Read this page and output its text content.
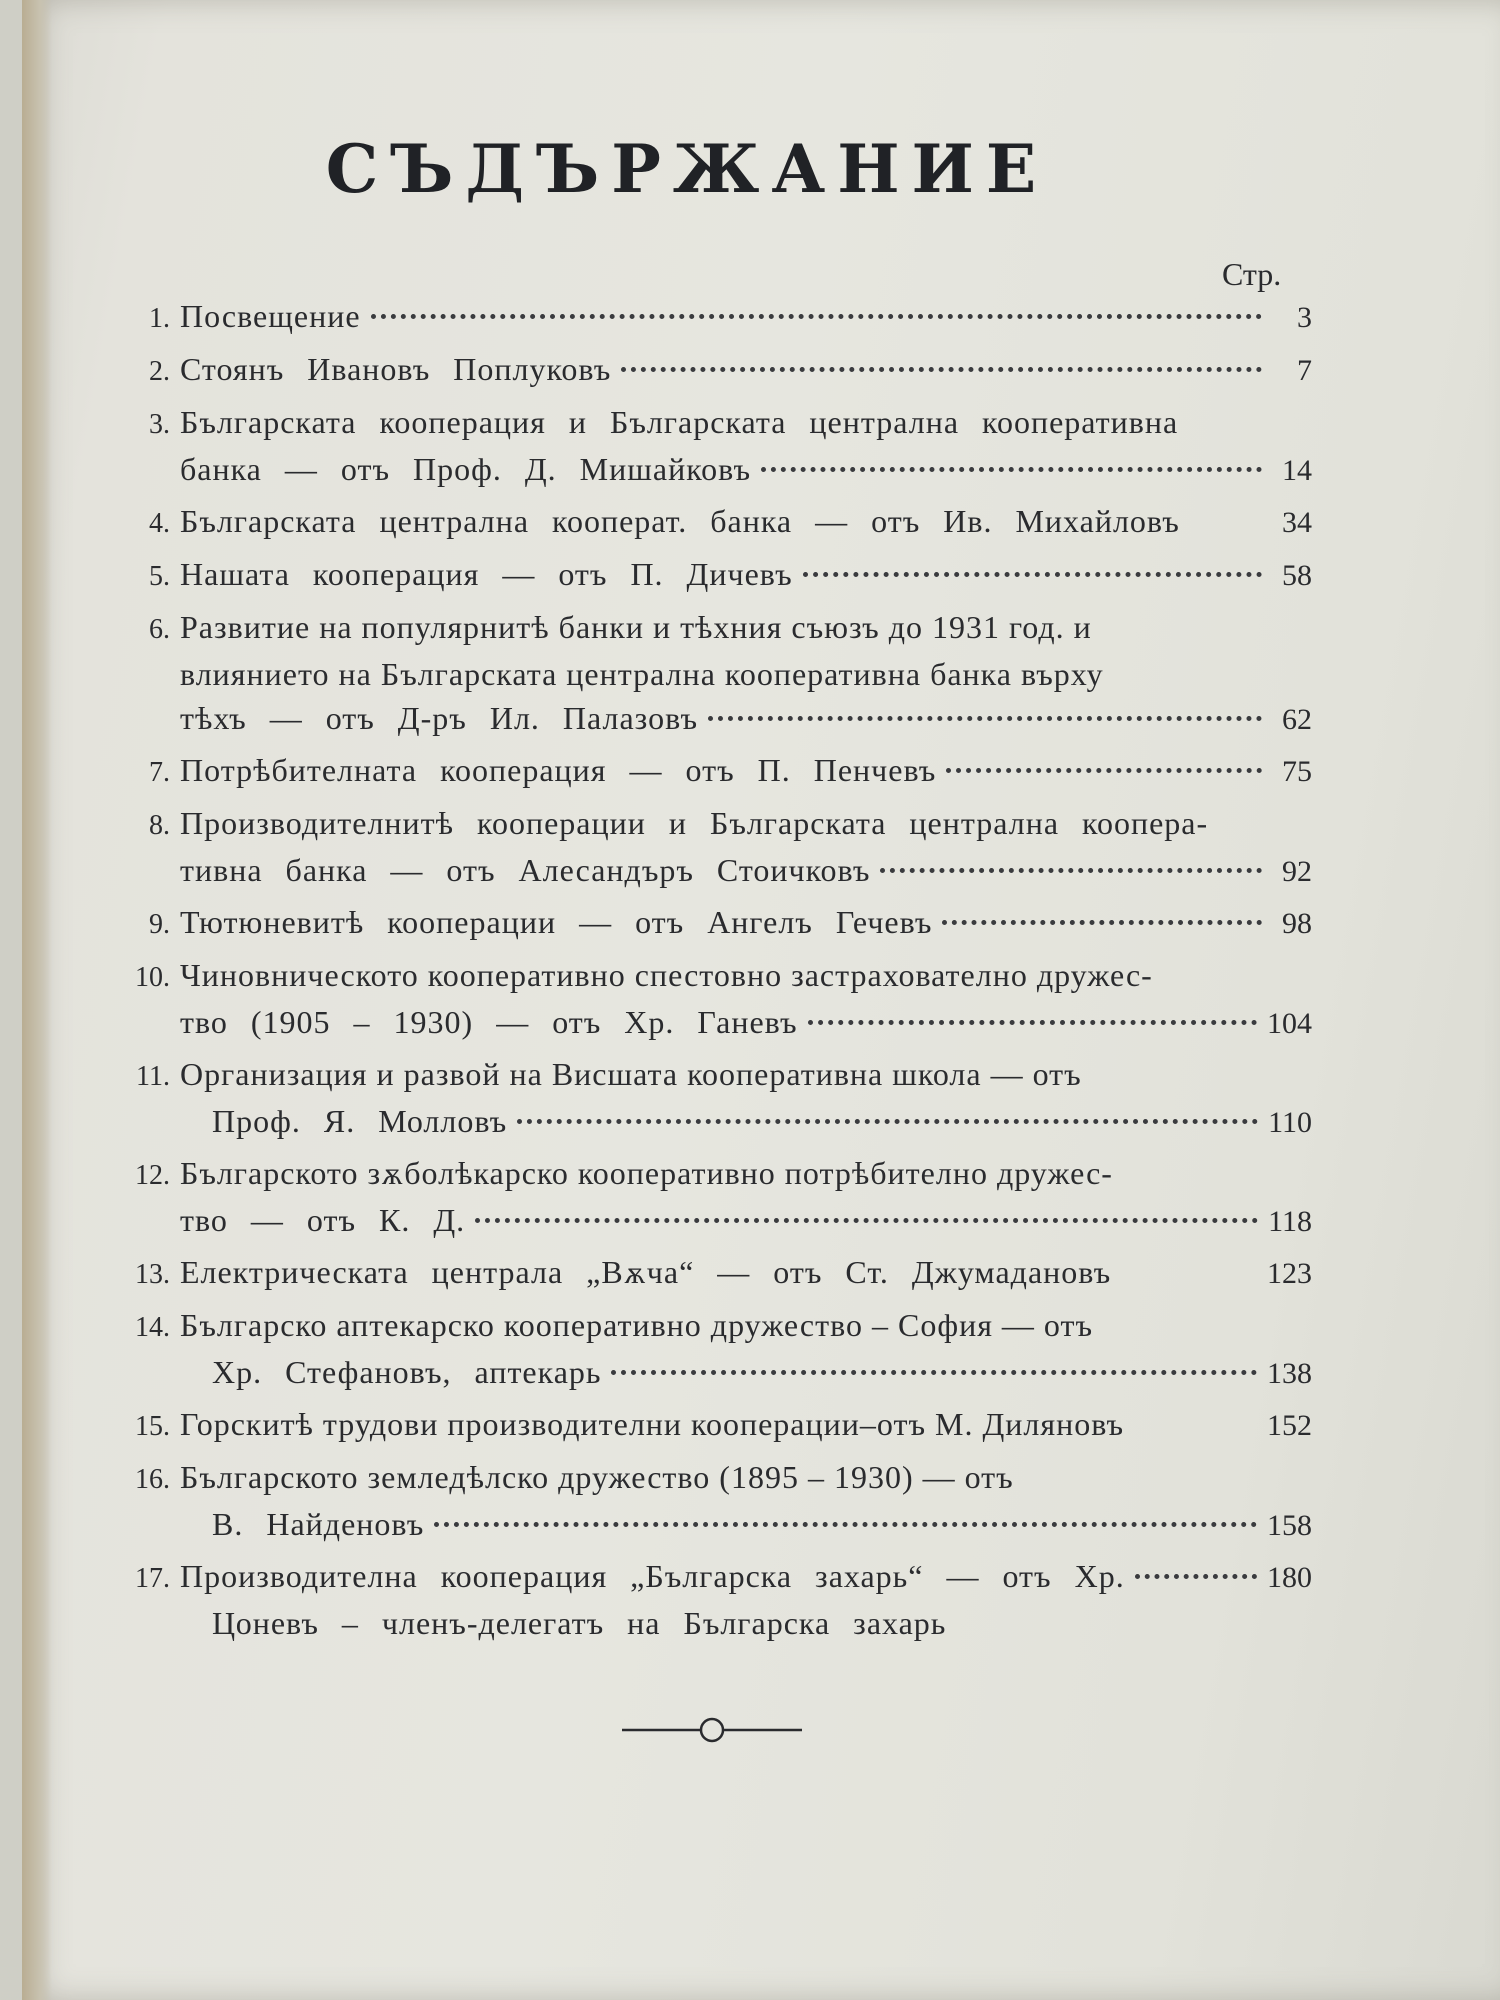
СЪДЪРЖАНИЕ
Стр.
1. Посвещение	3
2. Стоянъ Ивановъ Поплуковъ	7
3. Българската кооперация и Българската централна кооперативна
банка — отъ Проф. Д. Мишайковъ	14
4. Българската централна кооперат. банка — отъ Ив. Михайловъ	34
5. Нашата кооперация — отъ П. Дичевъ	58
6. Развитие на популярнитѣ банки и тѣхния съюзъ до 1931 год. и
влиянието на Българската централна кооперативна банка върху
тѣхъ — отъ Д-ръ Ил. Палазовъ	62
7. Потрѣбителната кооперация — отъ П. Пенчевъ	75
8. Производителнитѣ кооперации и Българската централна коопера-
тивна банка — отъ Алесандъръ Стоичковъ	92
9. Тютюневитѣ кооперации — отъ Ангелъ Гечевъ	98
10. Чиновническото кооперативно спестовно застрахователно дружес-
тво (1905 – 1930) — отъ Хр. Ганевъ	104
11. Организация и развой на Висшата кооперативна школа — отъ
Проф. Я. Молловъ	110
12. Българското зѫболѣкарско кооперативно потрѣбително дружес-
тво — отъ К. Д.	118
13. Електрическата централа „Вѫча“ — отъ Ст. Джумадановъ	123
14. Българско аптекарско кооперативно дружество – София — отъ
Хр. Стефановъ, аптекарь	138
15. Горскитѣ трудови производителни кооперации–отъ М. Диляновъ	152
16. Българското земледѣлско дружество (1895 – 1930) — отъ
В. Найденовъ	158
17. Производителна кооперация „Българска захарь“ — отъ Хр.	180
Цоневъ – членъ-делегатъ на Българска захарь
